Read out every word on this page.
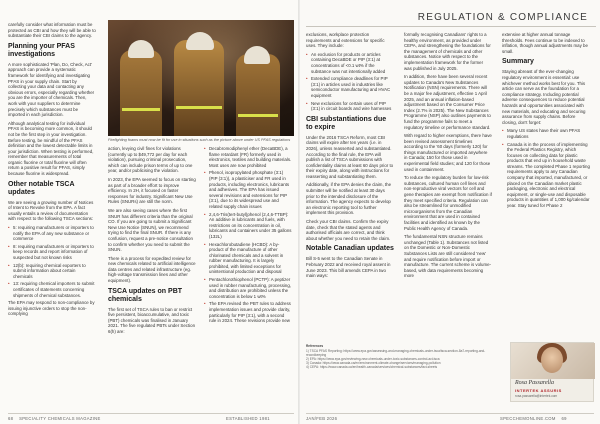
carefully consider what information must be protected as CBI and how they will be able to substantiate their CBI claims to the agency.

Planning your PFAS investigations

A more sophisticated 'Plan, Do, Check, Act' approach can provide a systematic framework for identifying and investigating PFAS in your supply chain. Start by collecting your data and contacting any obvious errors, especially regarding whether you are the importer of chemicals. Then, work with your suppliers to determine precisely which substances must be imported in each jurisdiction.

Although analytical testing for individual PFAS is becoming more common, it should not be the first step in your investigation. Before testing, be mindful of the PFAS definition and the lowest detectable limits in your jurisdiction. When testing is performed, remember that measurements of total organic fluorine or total fluorine will often return a positive result for PFAS, simply because fluorine is widespread.

Other notable TSCA updates

We are seeing a growing number of Notices of Intent to Revoke from the EPA. A fact usually entails a review of documentation with respect to the following TSCA sections:

• 5: requiring manufacturers or importers to notify the EPA of any new substance or commerce
• 8: requiring manufacturers or importers to keep records and report information of suspected but not known risks
• 12(b): requiring chemical exporters to submit information about certain chemicals
• 13: requiring chemical importers to submit certificates of statements concerning shipments of chemical substances.

The EPA may respond to non-compliance by issuing injunctive orders to stop the non-complying

Firefighting foams must now be fit for use in situations such as the picture above under US PFAS regulations

action, levying civil fines for violations (currently up to $49,772 per day for each violation), pursuing criminal prosecution, which can include prison terms of up to one year, and/or publicising the violation.

In 2023, the EPA seemed to focus on starting as part of a broader effort to improve efficiency. In 2H, it focused on faster responses for industry. Significant New Use Rules (SNURs) are still the norm.

We are also seeing cases where the first SNUR has different criteria than the original CO. If you are going to submit a Significant New Use Notice (SNUN), we recommend trying to find the final SNUR. If there is any confusion, request a pre-notice consultation to confirm whether you need to submit the SNUN.

There is a process for expedited review for new chemicals related to artificial intelligence data centres and related infrastructure (eg. high-voltage transmission lines and other equipment).

TSCA updates on PBT chemicals

The first set of TSCA rules to ban or restrict five persistent, bioaccumulative, and toxic (PBT) chemicals was finalised in January 2021. The five regulated PBTs under Section 6(h) are:

• Decabromodiphenyl ether (DecaBDE), a flame retardant (FR) formerly used in electronics, textiles and building materials. Most uses are now prohibited
• Phenol, isopropylated phosphate (3:1) (PIP (3:1)), a plasticiser and FR used in products, including electronics, lubricants and adhesives. The EPA has issued several revisions and extensions for PIP (3:1), due to its widespread use and related supply chain issues
• 2,4,6-Tris(tert-butyl)phenol (2,4,6-TTBP): An additive in lubricants and fuels, with restrictions on its concentration in oil, lubricants and containers under 35 gallons (132L)
• Hexachlorobutadiene (HCBD): A by-product of the manufacture of other chlorinated chemicals and a solvent in rubber manufacturing. It is largely prohibited, with limited exceptions for unintentional production and disposal
• Pentachlorothiophenol (PCTP): A peptizer used in rubber manufacturing, processing, and distribution are prohibited unless the concentration is below 1 wt%
• The EPA revised the PBT rules to address implementation issues and provide clarity, particularly for PIP (3:1), with a second rule in 2024. These revisions provide new
68 SPECIALITY CHEMICALS MAGAZINE	ESTABLISHED 1981
REGULATION & COMPLIANCE

exclusions, workplace protection requirements and extensions for specific uses. They include:

• An exclusion for products or articles containing DecaBDE or PIP (3:1) at concentrations of <0.1 wt% if the substance was not intentionally added
• Extended compliance deadlines for PIP (3:1) in articles used in industries like semiconductor manufacturing and HVAC equipment
• New exclusions for certain uses of PIP (3:1) in circuit boards and wire harnesses
CBI substantiations due to expire

Under the 2016 TSCA Reform, most CBI claims will expire after ten years (i.e. in 2026), unless reasserted and substantiated. According to the final rule, the EPA will publish a list of TSCA submissions with confidentiality claims at least 60 days prior to their expiry date, along with instructions for reasserting and substantiating them.

Additionally, if the EPA denies the claim, the submitter will be notified at least 30 days prior to the intended disclosure of the information. The agency expects to develop an electronic reporting tool to further implement this provision.

Check your CBI claims. Confirm the expiry date, check that the stated agents and authorised officials are correct, and think about whether you need to retain the claim.

Notable Canadian updates

Bill S-5 went to the Canadian Senate in February 2022 and received royal assent in June 2023. This bill amends CEPA in two main ways:

formally recognising Canadians' rights to a healthy environment, as provided under CEPA, and strengthening the foundations for the management of chemicals and other substances. Notice with respect to the implementation framework for the former was published in July 2025.

In addition, there have been several recent updates to Canada's New Substances Notification (NSN) requirements. There will be a major fee adjustment, effective 1 April 2025, and an annual inflation-based adjustment based on the Consumer Price Index (2.7% in 2025). The New Substances Programme (NSP) also outlines payments to fund the programme fails to meet a regulatory timeline or performance standard.

With regard to higher exemptions, there have been revised assessment timelines according to the '60 days (formerly 120) for things manufactured or imported anywhere in Canada; 150 for those used in experimental field studies; and 120 for those used in containment.

To reduce the regulatory burden for low-risk substances, cultured human cell lines and non-reproductive viral vectors for cell and gene therapies are exempt from notification if they meet specified criteria. Regulation can also be streamlined for unmodified microorganisms from the Canadian environment that are used in contained facilities and identified as known by the Public Health Agency of Canada.

The fundamental NSN structure remains unchanged (Table 1). Substances not listed on the Domestic or Non-Domestic Substances Lists are still considered 'new' and require notification before import or manufacture. The current scheme is volume-based, with data requirements becoming more

extensive at higher annual tonnage thresholds. Fees continue to be indexed to inflation, though annual adjustments may be small.

Summary

Staying abreast of the ever-changing regulatory environment is essential: use whichever method works best for you. This article can serve as the foundation for a compliance strategy. Including potential adverse consequences to reduce potential hazards and opportunities associated with new materials, and educating and securing assurance from supply chains. Before closing, don't forget:

• Many US states have their own PFAS regulations
• Canada is in the process of implementing the Federal Plastics Registry, which focuses on collecting data for plastic products that end up in household waste streams. The completed Phase 1 reporting requirements apply to any Canadian company that imported, manufactured, or placed on the Canadian market plastic packaging, electronic and electrical equipment, or single-use and disposable products in quantities of 1,000 kg/calendar year. Stay tuned for Phase 2
References
1) TSCA PFAS Reporting: https://www.epa.gov/assessing-and-managing-chemicals-under-tsca/tsca-section-8a7-reporting-and-recordkeeping
2) EPA: https://www.epa.gov/reviewing-new-chemicals-under-toxic-substances-control-act-tsca
3) Canada: https://www.canada.ca/en/environment-climate-change/services/managing-pollution
4) CEPA: https://www.canada.ca/en/health-canada/services/chemical-substances/fact-sheets
Rosa Passarella
INTERTEK ASSURIS
rosa.passarella@intertek.com
JAN/FEB 2026	SPECCHEMONLINE.COM 69
